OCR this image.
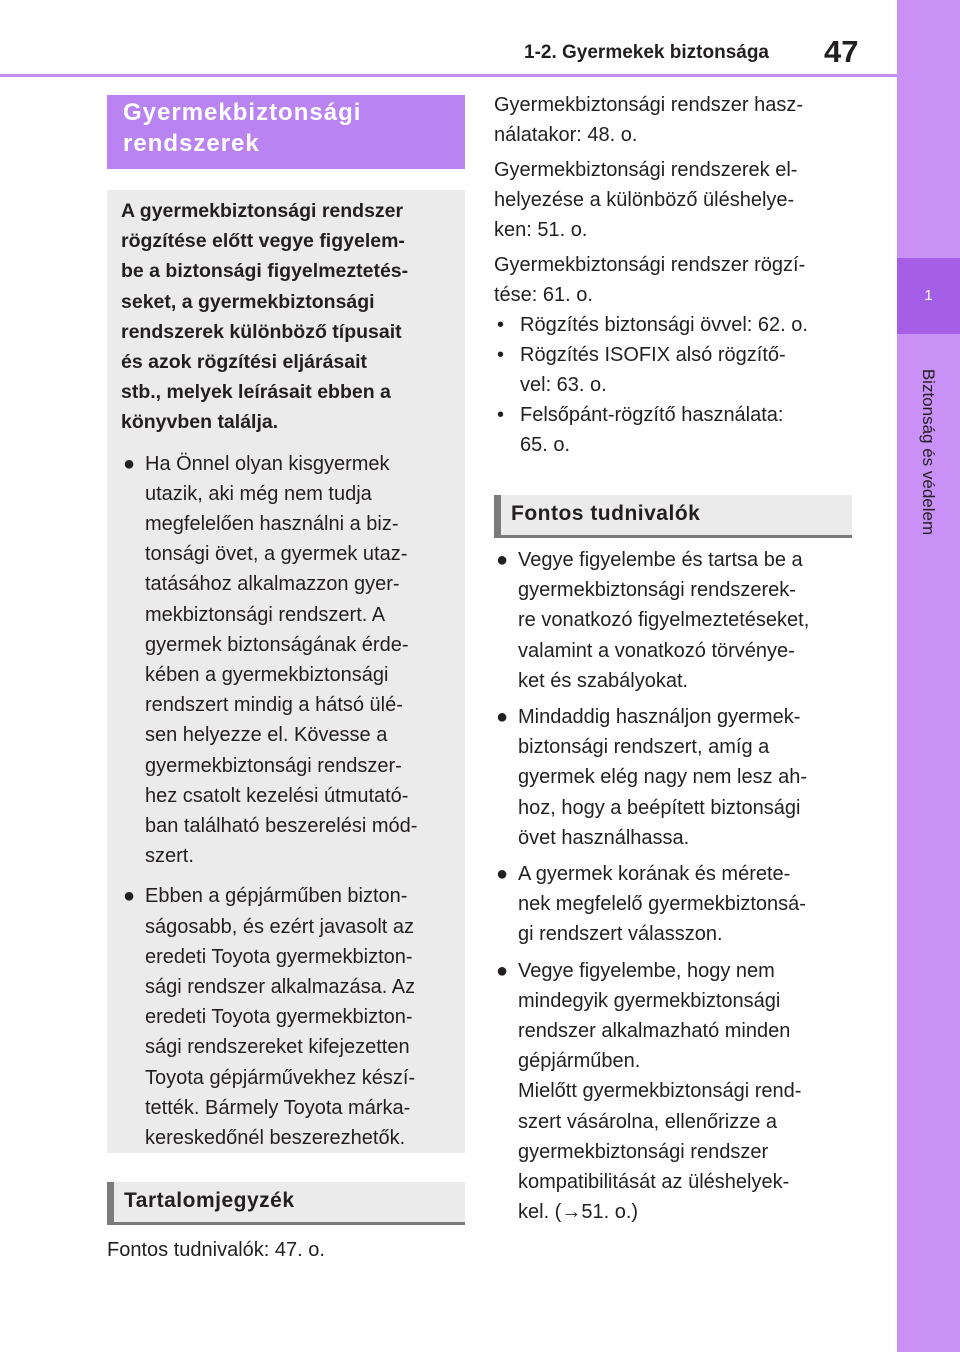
1-2. Gyermekek biztonsága 47
1
Biztonság és védelem
Gyermekbiztonsági
rendszerek
A gyermekbiztonsági rendszer
rögzítése előtt vegye figyelem-
be a biztonsági figyelmeztetés-
seket, a gyermekbiztonsági
rendszerek különböző típusait
és azok rögzítési eljárásait
stb., melyek leírásait ebben a
könyvben találja.
● Ha Önnel olyan kisgyermek
utazik, aki még nem tudja
megfelelően használni a biz-
tonsági övet, a gyermek utaz-
tatásához alkalmazzon gyer-
mekbiztonsági rendszert. A
gyermek biztonságának érde-
kében a gyermekbiztonsági
rendszert mindig a hátsó ülé-
sen helyezze el. Kövesse a
gyermekbiztonsági rendszer-
hez csatolt kezelési útmutató-
ban található beszerelési mód-
szert.
● Ebben a gépjárműben bizton-
ságosabb, és ezért javasolt az
eredeti Toyota gyermekbizton-
sági rendszer alkalmazása. Az
eredeti Toyota gyermekbizton-
sági rendszereket kifejezetten
Toyota gépjárművekhez készí-
tették. Bármely Toyota márka-
kereskedőnél beszerezhetők.
Tartalomjegyzék
Fontos tudnivalók: 47. o.

Gyermekbiztonsági rendszer hasz-
nálatakor: 48. o.

Gyermekbiztonsági rendszerek el-
helyezése a különböző üléshelye-
ken: 51. o.

Gyermekbiztonsági rendszer rögzí-
tése: 61. o.

• Rögzítés biztonsági övvel: 62. o.
• Rögzítés ISOFIX alsó rögzítő-
vel: 63. o.
• Felsőpánt-rögzítő használata:
65. o.
Fontos tudnivalók
● Vegye figyelembe és tartsa be a
gyermekbiztonsági rendszerek-
re vonatkozó figyelmeztetéseket,
valamint a vonatkozó törvénye-
ket és szabályokat.
● Mindaddig használjon gyermek-
biztonsági rendszert, amíg a
gyermek elég nagy nem lesz ah-
hoz, hogy a beépített biztonsági
övet használhassa.
● A gyermek korának és mérete-
nek megfelelő gyermekbiztonsá-
gi rendszert válasszon.
● Vegye figyelembe, hogy nem
mindegyik gyermekbiztonsági
rendszer alkalmazható minden
gépjárműben.
Mielőtt gyermekbiztonsági rend-
szert vásárolna, ellenőrizze a
gyermekbiztonsági rendszer
kompatibilitását az üléshelyek-
kel. (→51. o.)
